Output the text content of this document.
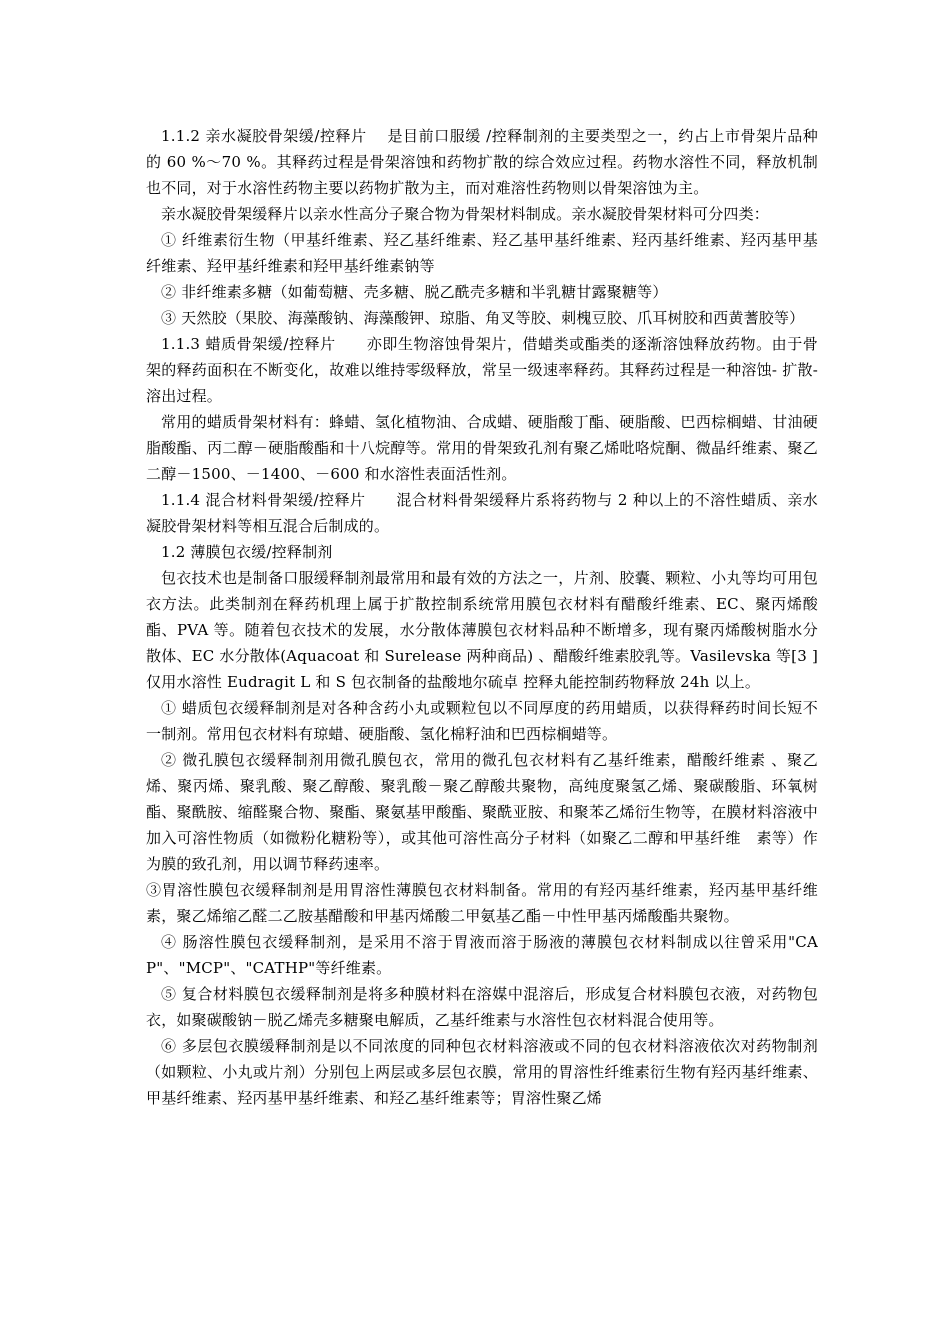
1.1.2 亲水凝胶骨架缓/控释片　 是目前口服缓 /控释制剂的主要类型之一，约占上市骨架片品种的 60 %～70 %。其释药过程是骨架溶蚀和药物扩散的综合效应过程。药物水溶性不同，释放机制也不同，对于水溶性药物主要以药物扩散为主，而对难溶性药物则以骨架溶蚀为主。

亲水凝胶骨架缓释片以亲水性高分子聚合物为骨架材料制成。亲水凝胶骨架材料可分四类：

① 纤维素衍生物（甲基纤维素、羟乙基纤维素、羟乙基甲基纤维素、羟丙基纤维素、羟丙基甲基纤维素、羟甲基纤维素和羟甲基纤维素钠等

② 非纤维素多糖（如葡萄糖、壳多糖、脱乙酰壳多糖和半乳糖甘露聚糖等）

③ 天然胶（果胶、海藻酸钠、海藻酸钾、琼脂、角叉等胶、刺槐豆胶、爪耳树胶和西黄蓍胶等）

1.1.3 蜡质骨架缓/控释片　　亦即生物溶蚀骨架片，借蜡类或酯类的逐渐溶蚀释放药物。由于骨架的释药面积在不断变化，故难以维持零级释放，常呈一级速率释药。其释药过程是一种溶蚀- 扩散-溶出过程。

常用的蜡质骨架材料有：蜂蜡、氢化植物油、合成蜡、硬脂酸丁酯、硬脂酸、巴西棕榈蜡、甘油硬脂酸酯、丙二醇－硬脂酸酯和十八烷醇等。常用的骨架致孔剂有聚乙烯吡咯烷酮、微晶纤维素、聚乙二醇－1500、－1400、－600 和水溶性表面活性剂。

1.1.4 混合材料骨架缓/控释片　　混合材料骨架缓释片系将药物与 2 种以上的不溶性蜡质、亲水凝胶骨架材料等相互混合后制成的。

1.2 薄膜包衣缓/控释制剂

包衣技术也是制备口服缓释制剂最常用和最有效的方法之一，片剂、胶囊、颗粒、小丸等均可用包衣方法。此类制剂在释药机理上属于扩散控制系统常用膜包衣材料有醋酸纤维素、EC、聚丙烯酸酯、PVA 等。随着包衣技术的发展，水分散体薄膜包衣材料品种不断增多，现有聚丙烯酸树脂水分散体、EC 水分散体(Aquacoat 和 Surelease 两种商品) 、醋酸纤维素胶乳等。Vasilevska 等[3 ] 仅用水溶性 Eudragit L 和 S 包衣制备的盐酸地尔硫卓 控释丸能控制药物释放 24h 以上。

① 蜡质包衣缓释制剂是对各种含药小丸或颗粒包以不同厚度的药用蜡质，以获得释药时间长短不一制剂。常用包衣材料有琼蜡、硬脂酸、氢化棉籽油和巴西棕榈蜡等。

② 微孔膜包衣缓释制剂用微孔膜包衣，常用的微孔包衣材料有乙基纤维素，醋酸纤维素 、聚乙烯、聚丙烯、聚乳酸、聚乙醇酸、聚乳酸－聚乙醇酸共聚物，高纯度聚氢乙烯、聚碳酸脂、环氧树酯、聚酰胺、缩醛聚合物、聚酯、聚氨基甲酸酯、聚酰亚胺、和聚苯乙烯衍生物等，在膜材料溶液中加入可溶性物质（如微粉化糖粉等），或其他可溶性高分子材料（如聚乙二醇和甲基纤维　素等）作为膜的致孔剂，用以调节释药速率。

③胃溶性膜包衣缓释制剂是用胃溶性薄膜包衣材料制备。常用的有羟丙基纤维素，羟丙基甲基纤维素，聚乙烯缩乙醛二乙胺基醋酸和甲基丙烯酸二甲氨基乙酯－中性甲基丙烯酸酯共聚物。

④ 肠溶性膜包衣缓释制剂，是采用不溶于胃液而溶于肠液的薄膜包衣材料制成以往曾采用"CAP"、"MCP"、"CATHP"等纤维素。

⑤ 复合材料膜包衣缓释制剂是将多种膜材料在溶媒中混溶后，形成复合材料膜包衣液，对药物包衣，如聚碳酸钠－脱乙烯壳多糖聚电解质，乙基纤维素与水溶性包衣材料混合使用等。

⑥ 多层包衣膜缓释制剂是以不同浓度的同种包衣材料溶液或不同的包衣材料溶液依次对药物制剂（如颗粒、小丸或片剂）分别包上两层或多层包衣膜，常用的胃溶性纤维素衍生物有羟丙基纤维素、甲基纤维素、羟丙基甲基纤维素、和羟乙基纤维素等；胃溶性聚乙烯
